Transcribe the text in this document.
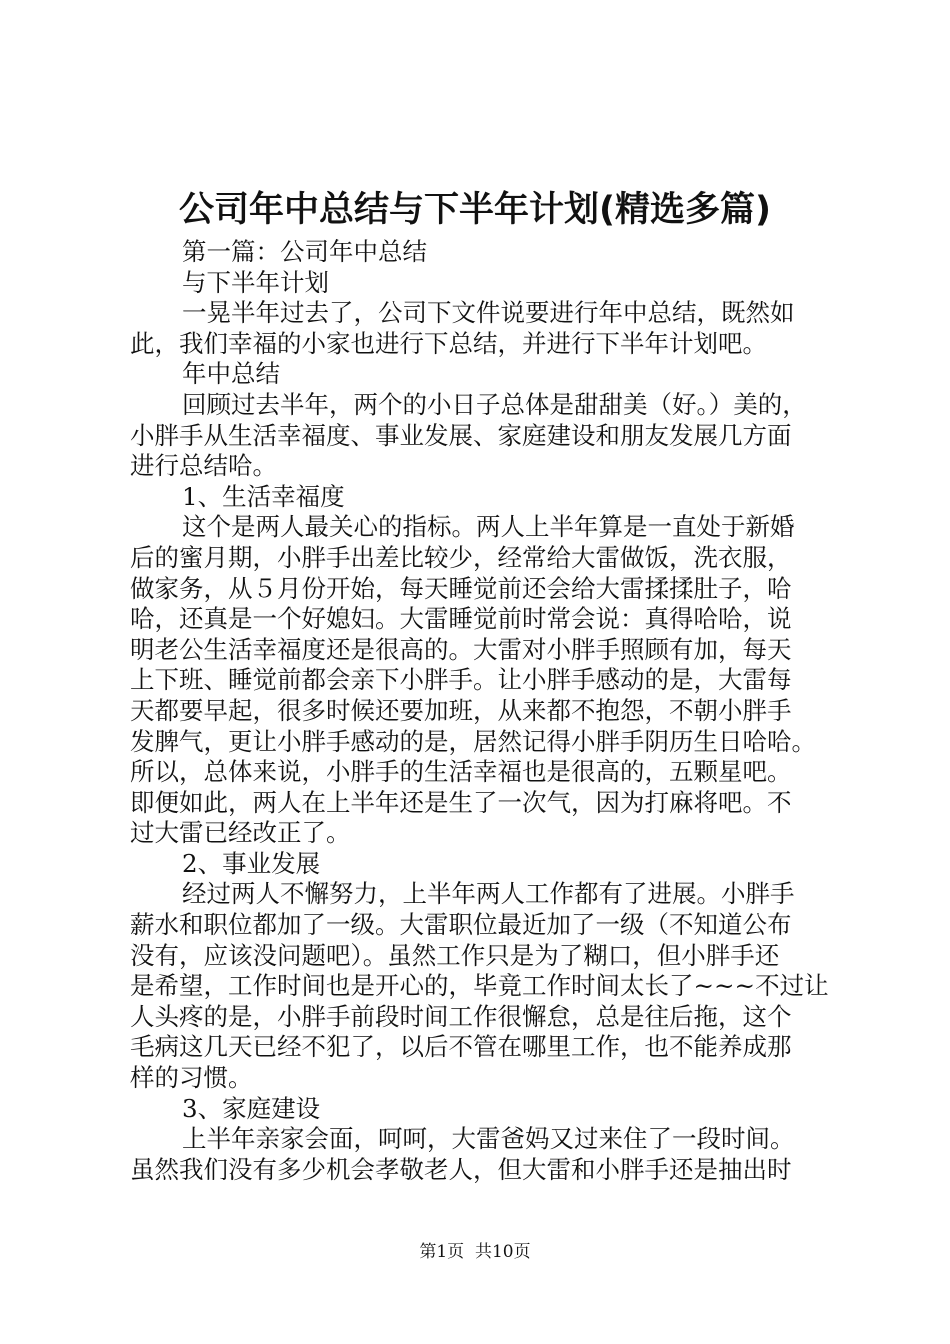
公司年中总结与下半年计划(精选多篇)
第一篇：公司年中总结
与下半年计划
一晃半年过去了，公司下文件说要进行年中总结，既然如
此，我们幸福的小家也进行下总结，并进行下半年计划吧。
年中总结
回顾过去半年，两个的小日子总体是甜甜美（好。）美的，
小胖手从生活幸福度、事业发展、家庭建设和朋友发展几方面
进行总结哈。
1、生活幸福度
这个是两人最关心的指标。两人上半年算是一直处于新婚
后的蜜月期，小胖手出差比较少，经常给大雷做饭，洗衣服，
做家务，从５月份开始，每天睡觉前还会给大雷揉揉肚子，哈
哈，还真是一个好媳妇。大雷睡觉前时常会说：真得哈哈，说
明老公生活幸福度还是很高的。大雷对小胖手照顾有加，每天
上下班、睡觉前都会亲下小胖手。让小胖手感动的是，大雷每
天都要早起，很多时候还要加班，从来都不抱怨，不朝小胖手
发脾气，更让小胖手感动的是，居然记得小胖手阴历生日哈哈。
所以，总体来说，小胖手的生活幸福也是很高的，五颗星吧。
即便如此，两人在上半年还是生了一次气，因为打麻将吧。不
过大雷已经改正了。
2、事业发展
经过两人不懈努力，上半年两人工作都有了进展。小胖手
薪水和职位都加了一级。大雷职位最近加了一级（不知道公布
没有，应该没问题吧）。虽然工作只是为了糊口，但小胖手还
是希望，工作时间也是开心的，毕竟工作时间太长了~~~不过让
人头疼的是，小胖手前段时间工作很懈怠，总是往后拖，这个
毛病这几天已经不犯了，以后不管在哪里工作，也不能养成那
样的习惯。
3、家庭建设
上半年亲家会面，呵呵，大雷爸妈又过来住了一段时间。
虽然我们没有多少机会孝敬老人，但大雷和小胖手还是抽出时
第1页  共10页
